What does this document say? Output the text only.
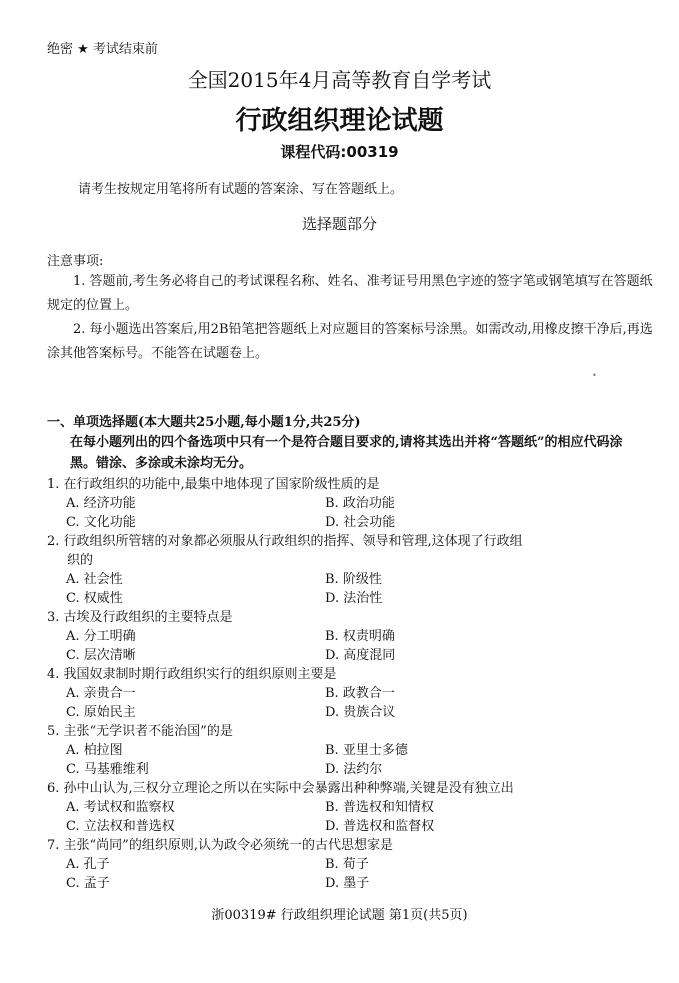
绝密 ★ 考试结束前
全国2015年4月高等教育自学考试
行政组织理论试题
课程代码:00319
请考生按规定用笔将所有试题的答案涂、写在答题纸上。
选择题部分
注意事项:
1. 答题前,考生务必将自己的考试课程名称、姓名、准考证号用黑色字迹的签字笔或钢笔填写在答题纸规定的位置上。
2. 每小题选出答案后,用2B铅笔把答题纸上对应题目的答案标号涂黑。如需改动,用橡皮擦干净后,再选涂其他答案标号。不能答在试题卷上。
•
一、单项选择题(本大题共25小题,每小题1分,共25分)
在每小题列出的四个备选项中只有一个是符合题目要求的,请将其选出并将“答题纸”的相应代码涂黑。错涂、多涂或未涂均无分。
1. 在行政组织的功能中,最集中地体现了国家阶级性质的是
A. 经济功能	B. 政治功能
C. 文化功能	D. 社会功能
2. 行政组织所管辖的对象都必须服从行政组织的指挥、领导和管理,这体现了行政组
织的
A. 社会性	B. 阶级性
C. 权威性	D. 法治性
3. 古埃及行政组织的主要特点是
A. 分工明确	B. 权责明确
C. 层次清晰	D. 高度混同
4. 我国奴隶制时期行政组织实行的组织原则主要是
A. 亲贵合一	B. 政教合一
C. 原始民主	D. 贵族合议
5. 主张“无学识者不能治国”的是
A. 柏拉图	B. 亚里士多德
C. 马基雅维利	D. 法约尔
6. 孙中山认为,三权分立理论之所以在实际中会暴露出种种弊端,关键是没有独立出
A. 考试权和监察权	B. 普选权和知情权
C. 立法权和普选权	D. 普选权和监督权
7. 主张“尚同”的组织原则,认为政令必须统一的古代思想家是
A. 孔子	B. 荀子
C. 孟子	D. 墨子
浙00319# 行政组织理论试题 第1页(共5页)
